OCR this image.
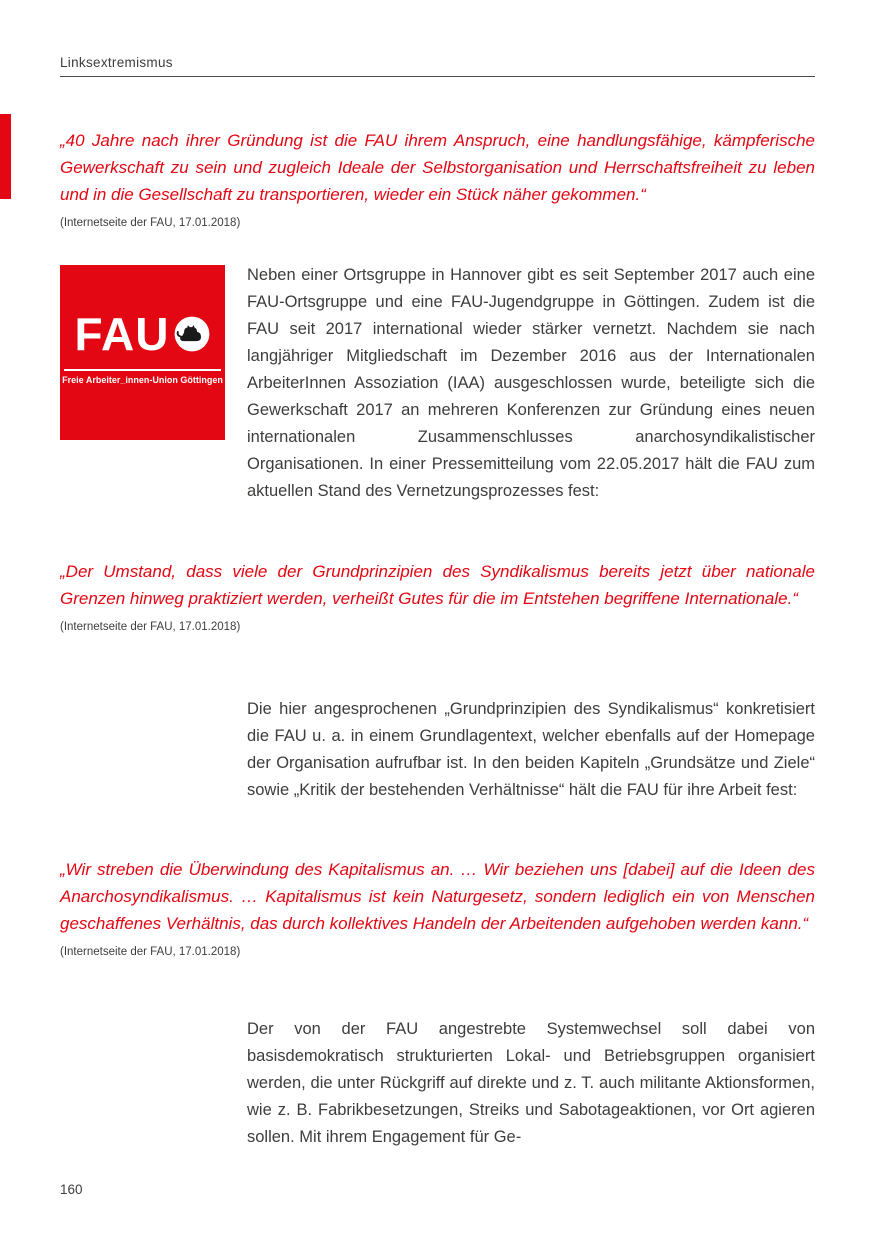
Linksextremismus

„40 Jahre nach ihrer Gründung ist die FAU ihrem Anspruch, eine handlungsfähige, kämpferische Gewerkschaft zu sein und zugleich Ideale der Selbstorganisation und Herrschaftsfreiheit zu leben und in die Gesellschaft zu transportieren, wieder ein Stück näher gekommen.“

(Internetseite der FAU, 17.01.2018)

FAU
Freie Arbeiter_innen-Union Göttingen

Neben einer Ortsgruppe in Hannover gibt es seit September 2017 auch eine FAU-Ortsgruppe und eine FAU-Jugendgruppe in Göttingen. Zudem ist die FAU seit 2017 international wieder stärker vernetzt. Nachdem sie nach langjähriger Mitgliedschaft im Dezember 2016 aus der Internationalen ArbeiterInnen Assoziation (IAA) ausgeschlossen wurde, beteiligte sich die Gewerkschaft 2017 an mehreren Konferenzen zur Gründung eines neuen internationalen Zusammenschlusses anarchosyndikalistischer Organisationen. In einer Pressemitteilung vom 22.05.2017 hält die FAU zum aktuellen Stand des Vernetzungsprozesses fest:

„Der Umstand, dass viele der Grundprinzipien des Syndikalismus bereits jetzt über nationale Grenzen hinweg praktiziert werden, verheißt Gutes für die im Entstehen begriffene Internationale.“

(Internetseite der FAU, 17.01.2018)

Die hier angesprochenen „Grundprinzipien des Syndikalismus“ konkretisiert die FAU u. a. in einem Grundlagentext, welcher ebenfalls auf der Homepage der Organisation aufrufbar ist. In den beiden Kapiteln „Grundsätze und Ziele“ sowie „Kritik der bestehenden Verhältnisse“ hält die FAU für ihre Arbeit fest:

„Wir streben die Überwindung des Kapitalismus an. … Wir beziehen uns [dabei] auf die Ideen des Anarchosyndikalismus. … Kapitalismus ist kein Naturgesetz, sondern lediglich ein von Menschen geschaffenes Verhältnis, das durch kollektives Handeln der Arbeitenden aufgehoben werden kann.“

(Internetseite der FAU, 17.01.2018)

Der von der FAU angestrebte Systemwechsel soll dabei von basisdemokratisch strukturierten Lokal- und Betriebsgruppen organisiert werden, die unter Rückgriff auf direkte und z. T. auch militante Aktionsformen, wie z. B. Fabrikbesetzungen, Streiks und Sabotageaktionen, vor Ort agieren sollen. Mit ihrem Engagement für Ge-

160
